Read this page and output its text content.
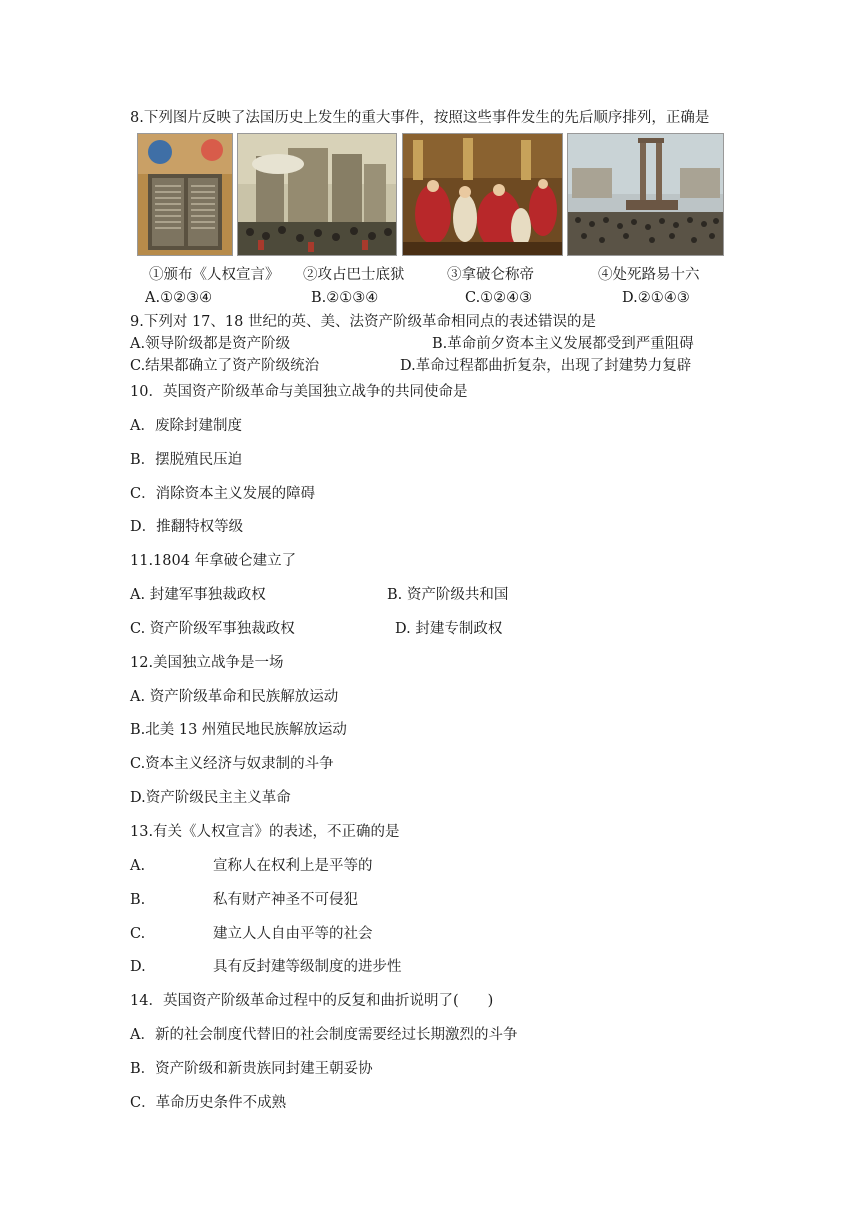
8.下列图片反映了法国历史上发生的重大事件，按照这些事件发生的先后顺序排列，正确是
①颁布《人权宣言》 ②攻占巴士底狱	③拿破仑称帝	④处死路易十六
A.①②③④	B.②①③④	C.①②④③	D.②①④③
9.下列对 17、18 世纪的英、美、法资产阶级革命相同点的表述错误的是
A.领导阶级都是资产阶级	B.革命前夕资本主义发展都受到严重阻碍
C.结果都确立了资产阶级统治	D.革命过程都曲折复杂，出现了封建势力复辟
10．英国资产阶级革命与美国独立战争的共同使命是
A．废除封建制度
B．摆脱殖民压迫
C．消除资本主义发展的障碍
D．推翻特权等级
11.1804 年拿破仑建立了
A. 封建军事独裁政权	B. 资产阶级共和国
C. 资产阶级军事独裁政权	D. 封建专制政权
12.美国独立战争是一场
A. 资产阶级革命和民族解放运动
B.北美 13 州殖民地民族解放运动
C.资本主义经济与奴隶制的斗争
D.资产阶级民主主义革命
13.有关《人权宣言》的表述，不正确的是
A.	宣称人在权利上是平等的
B.	私有财产神圣不可侵犯
C.	建立人人自由平等的社会
D.	具有反封建等级制度的进步性
14．英国资产阶级革命过程中的反复和曲折说明了(　　)
A．新的社会制度代替旧的社会制度需要经过长期激烈的斗争
B．资产阶级和新贵族同封建王朝妥协
C．革命历史条件不成熟
